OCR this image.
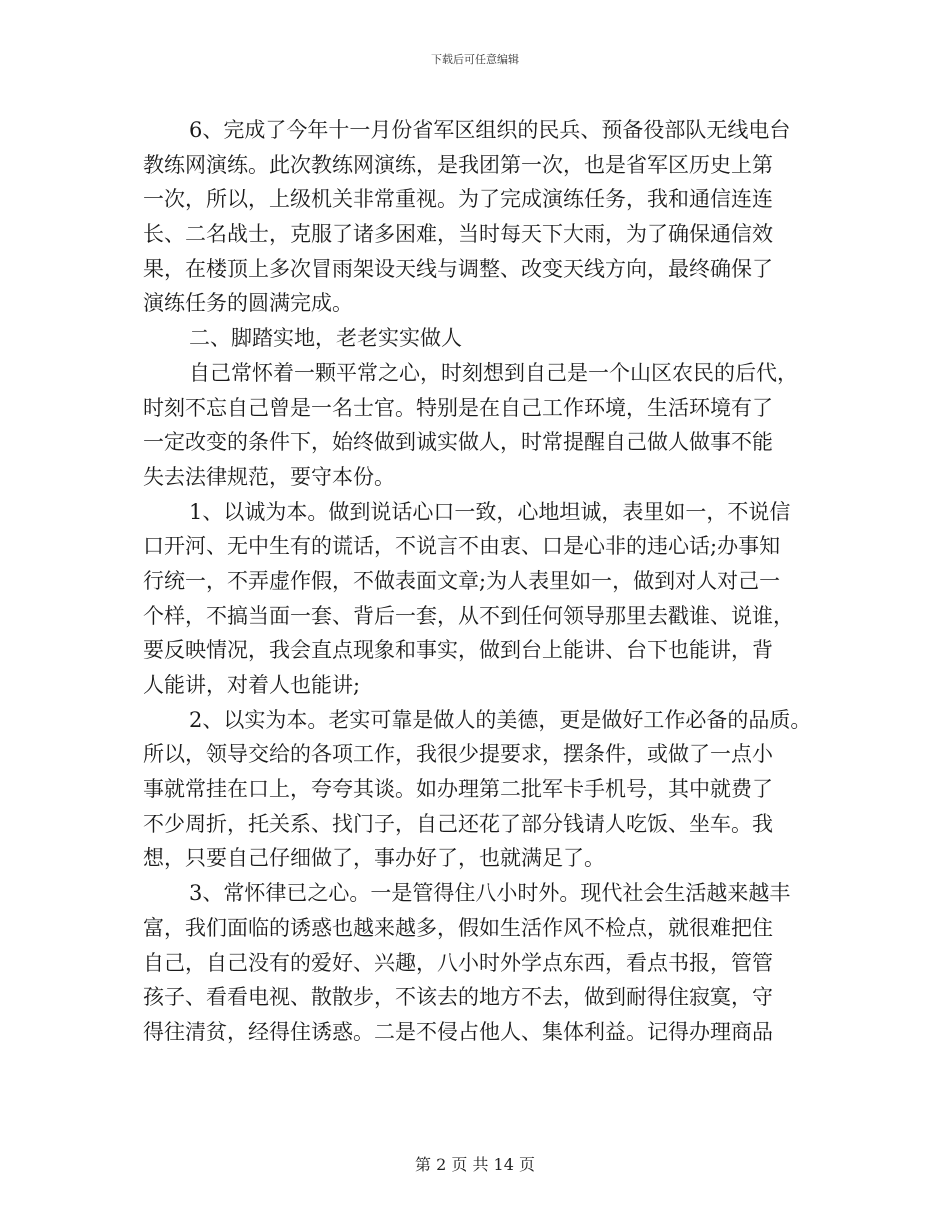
下载后可任意编辑
6、完成了今年十一月份省军区组织的民兵、预备役部队无线电台
教练网演练。此次教练网演练，是我团第一次，也是省军区历史上第
一次，所以，上级机关非常重视。为了完成演练任务，我和通信连连
长、二名战士，克服了诸多困难，当时每天下大雨，为了确保通信效
果，在楼顶上多次冒雨架设天线与调整、改变天线方向，最终确保了
演练任务的圆满完成。
二、脚踏实地，老老实实做人
自己常怀着一颗平常之心，时刻想到自己是一个山区农民的后代，
时刻不忘自己曾是一名士官。特别是在自己工作环境，生活环境有了
一定改变的条件下，始终做到诚实做人，时常提醒自己做人做事不能
失去法律规范，要守本份。
1、以诚为本。做到说话心口一致，心地坦诚，表里如一，不说信
口开河、无中生有的谎话，不说言不由衷、口是心非的违心话;办事知
行统一，不弄虚作假，不做表面文章;为人表里如一，做到对人对己一
个样，不搞当面一套、背后一套，从不到任何领导那里去戳谁、说谁，
要反映情况，我会直点现象和事实，做到台上能讲、台下也能讲，背
人能讲，对着人也能讲;
2、以实为本。老实可靠是做人的美德，更是做好工作必备的品质。
所以，领导交给的各项工作，我很少提要求，摆条件，或做了一点小
事就常挂在口上，夸夸其谈。如办理第二批军卡手机号，其中就费了
不少周折，托关系、找门子，自己还花了部分钱请人吃饭、坐车。我
想，只要自己仔细做了，事办好了，也就满足了。
3、常怀律已之心。一是管得住八小时外。现代社会生活越来越丰
富，我们面临的诱惑也越来越多，假如生活作风不检点，就很难把住
自己，自己没有的爱好、兴趣，八小时外学点东西，看点书报，管管
孩子、看看电视、散散步，不该去的地方不去，做到耐得住寂寞，守
得往清贫，经得住诱惑。二是不侵占他人、集体利益。记得办理商品
第 2 页 共 14 页
